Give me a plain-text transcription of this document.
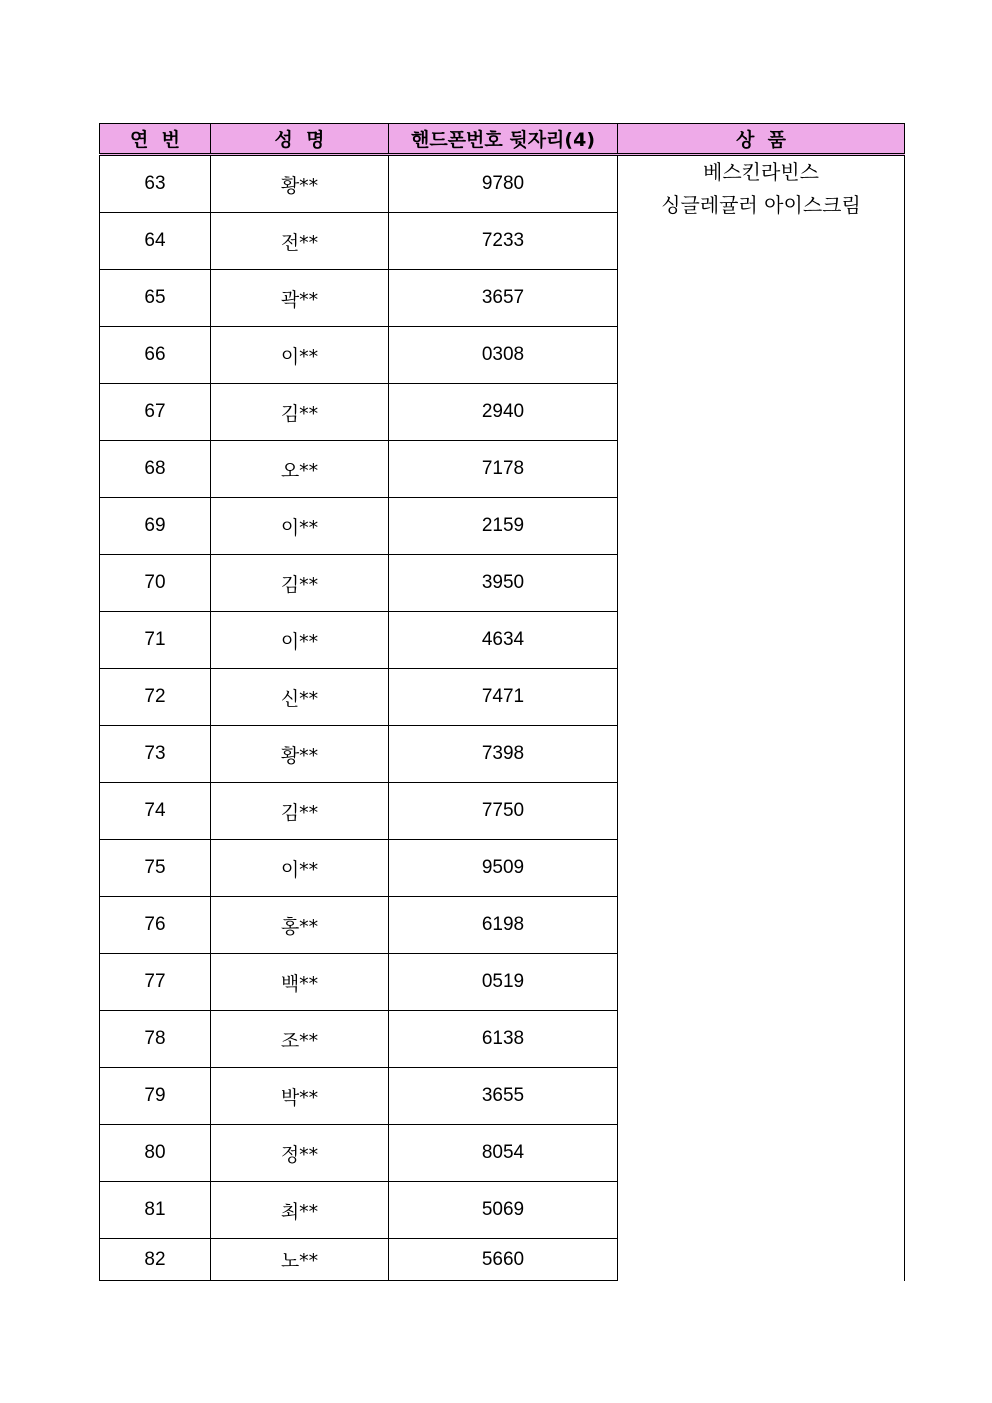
연  번	성  명	핸드폰번호 뒷자리(4)	상  품
63	황**	9780	베스킨라빈스
싱글레귤러 아이스크림

64	전**	7233	
65	곽**	3657	
66	이**	0308	
67	김**	2940	
68	오**	7178	
69	이**	2159	
70	김**	3950	
71	이**	4634	
72	신**	7471	
73	황**	7398	
74	김**	7750	
75	이**	9509	
76	홍**	6198	
77	백**	0519	
78	조**	6138	
79	박**	3655	
80	정**	8054	
81	최**	5069	
82	노**	5660	
